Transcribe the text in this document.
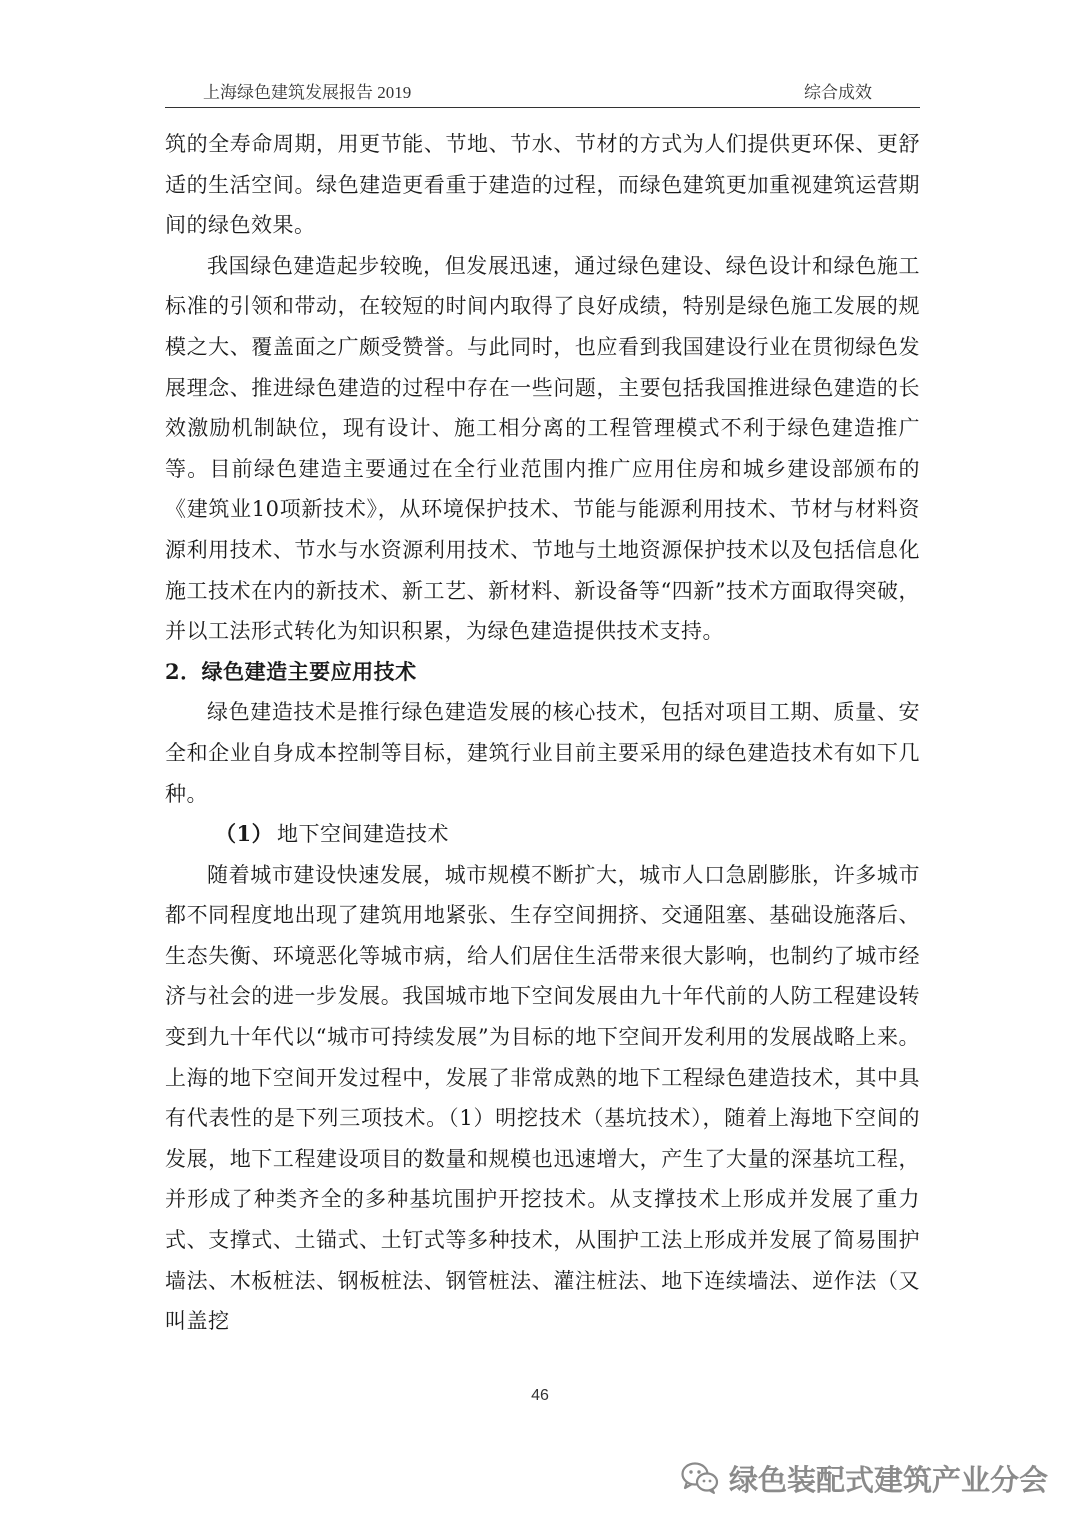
上海绿色建筑发展报告 2019	综合成效

筑的全寿命周期，用更节能、节地、节水、节材的方式为人们提供更环保、更舒适的生活空间。绿色建造更看重于建造的过程，而绿色建筑更加重视建筑运营期间的绿色效果。

我国绿色建造起步较晚，但发展迅速，通过绿色建设、绿色设计和绿色施工标准的引领和带动，在较短的时间内取得了良好成绩，特别是绿色施工发展的规模之大、覆盖面之广颇受赞誉。与此同时，也应看到我国建设行业在贯彻绿色发展理念、推进绿色建造的过程中存在一些问题，主要包括我国推进绿色建造的长效激励机制缺位，现有设计、施工相分离的工程管理模式不利于绿色建造推广等。目前绿色建造主要通过在全行业范围内推广应用住房和城乡建设部颁布的《建筑业10项新技术》，从环境保护技术、节能与能源利用技术、节材与材料资源利用技术、节水与水资源利用技术、节地与土地资源保护技术以及包括信息化施工技术在内的新技术、新工艺、新材料、新设备等“四新”技术方面取得突破，并以工法形式转化为知识积累，为绿色建造提供技术支持。

2．绿色建造主要应用技术

绿色建造技术是推行绿色建造发展的核心技术，包括对项目工期、质量、安全和企业自身成本控制等目标，建筑行业目前主要采用的绿色建造技术有如下几种。

（1） 地下空间建造技术

随着城市建设快速发展，城市规模不断扩大，城市人口急剧膨胀，许多城市都不同程度地出现了建筑用地紧张、生存空间拥挤、交通阻塞、基础设施落后、生态失衡、环境恶化等城市病，给人们居住生活带来很大影响，也制约了城市经济与社会的进一步发展。我国城市地下空间发展由九十年代前的人防工程建设转变到九十年代以“城市可持续发展”为目标的地下空间开发利用的发展战略上来。上海的地下空间开发过程中，发展了非常成熟的地下工程绿色建造技术，其中具有代表性的是下列三项技术。（1）明挖技术（基坑技术），随着上海地下空间的发展，地下工程建设项目的数量和规模也迅速增大，产生了大量的深基坑工程，并形成了种类齐全的多种基坑围护开挖技术。从支撑技术上形成并发展了重力式、支撑式、土锚式、土钉式等多种技术，从围护工法上形成并发展了简易围护墙法、木板桩法、钢板桩法、钢管桩法、灌注桩法、地下连续墙法、逆作法（又叫盖挖

46
绿色装配式建筑产业分会
